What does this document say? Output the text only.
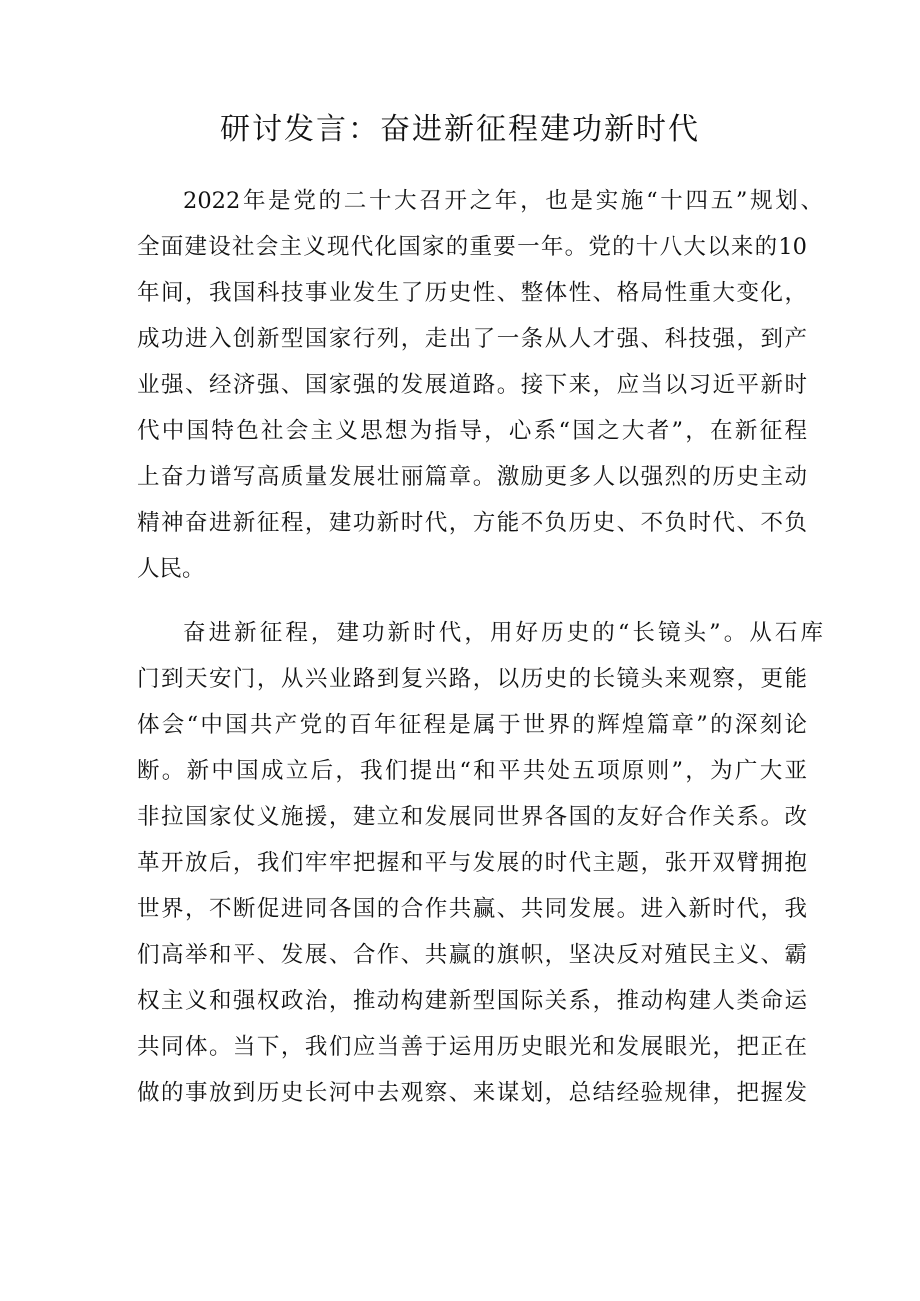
研讨发言：奋进新征程建功新时代
2022年是党的二十大召开之年，也是实施“十四五”规划、
全面建设社会主义现代化国家的重要一年。党的十八大以来的10
年间，我国科技事业发生了历史性、整体性、格局性重大变化，
成功进入创新型国家行列，走出了一条从人才强、科技强，到产
业强、经济强、国家强的发展道路。接下来，应当以习近平新时
代中国特色社会主义思想为指导，心系“国之大者”，在新征程
上奋力谱写高质量发展壮丽篇章。激励更多人以强烈的历史主动
精神奋进新征程，建功新时代，方能不负历史、不负时代、不负
人民。
奋进新征程，建功新时代，用好历史的“长镜头”。从石库
门到天安门，从兴业路到复兴路，以历史的长镜头来观察，更能
体会“中国共产党的百年征程是属于世界的辉煌篇章”的深刻论
断。新中国成立后，我们提出“和平共处五项原则”，为广大亚
非拉国家仗义施援，建立和发展同世界各国的友好合作关系。改
革开放后，我们牢牢把握和平与发展的时代主题，张开双臂拥抱
世界，不断促进同各国的合作共赢、共同发展。进入新时代，我
们高举和平、发展、合作、共赢的旗帜，坚决反对殖民主义、霸
权主义和强权政治，推动构建新型国际关系，推动构建人类命运
共同体。当下，我们应当善于运用历史眼光和发展眼光，把正在
做的事放到历史长河中去观察、来谋划，总结经验规律，把握发
